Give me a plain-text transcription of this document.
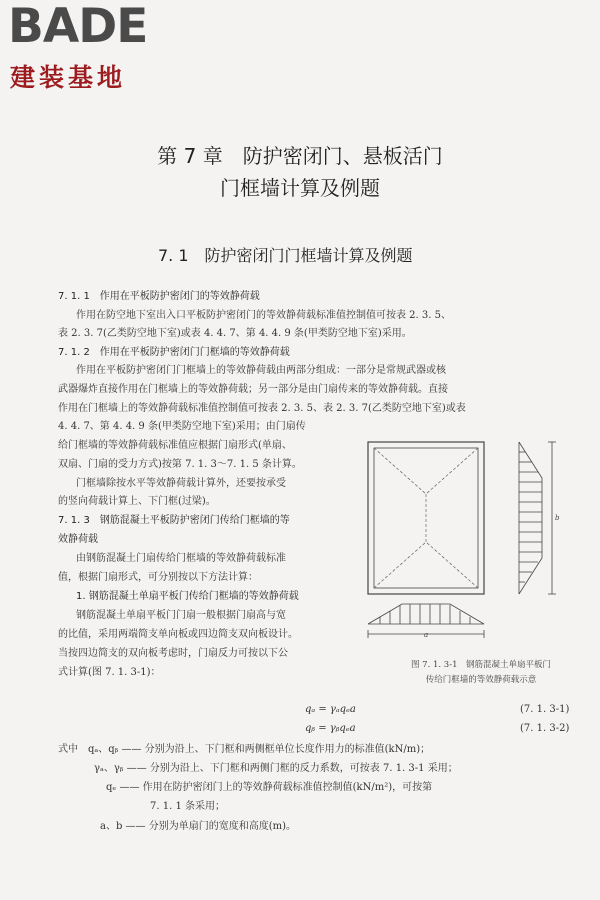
BADE
建装基地
第 7 章　防护密闭门、悬板活门
门框墙计算及例题
7. 1　防护密闭门门框墙计算及例题
7. 1. 1　作用在平板防护密闭门的等效静荷载
作用在防空地下室出入口平板防护密闭门的等效静荷载标准值控制值可按表 2. 3. 5、
表 2. 3. 7(乙类防空地下室)或表 4. 4. 7、第 4. 4. 9 条(甲类防空地下室)采用。
7. 1. 2　作用在平板防护密闭门门框墙的等效静荷载
作用在平板防护密闭门门框墙上的等效静荷载由两部分组成：一部分是常规武器或核
武器爆炸直接作用在门框墙上的等效静荷载；另一部分是由门扇传来的等效静荷载。直接
作用在门框墙上的等效静荷载标准值控制值可按表 2. 3. 5、表 2. 3. 7(乙类防空地下室)或表
4. 4. 7、第 4. 4. 9 条(甲类防空地下室)采用；由门扇传
给门框墙的等效静荷载标准值应根据门扇形式(单扇、
双扇、门扇的受力方式)按第 7. 1. 3～7. 1. 5 条计算。
门框墙除按水平等效静荷载计算外，还要按承受
的竖向荷载计算上、下门框(过梁)。
7. 1. 3　钢筋混凝土平板防护密闭门传给门框墙的等
效静荷载
由钢筋混凝土门扇传给门框墙的等效静荷载标准
值，根据门扇形式，可分别按以下方法计算：
1. 钢筋混凝土单扇平板门传给门框墙的等效静荷载
钢筋混凝土单扇平板门门扇一般根据门扇高与宽
的比值，采用两端简支单向板或四边简支双向板设计。
当按四边简支的双向板考虑时，门扇反力可按以下公
式计算(图 7. 1. 3-1)：
b
a
图 7. 1. 3-1　钢筋混凝土单扇平板门
传给门框墙的等效静荷载示意
qₐ = γₐqₑa	(7. 1. 3-1)
qᵦ = γᵦqₑa	(7. 1. 3-2)
式中　qₐ、qᵦ —— 分别为沿上、下门框和两侧框单位长度作用力的标准值(kN/m)；
γₐ、γᵦ —— 分别为沿上、下门框和两侧门框的反力系数，可按表 7. 1. 3-1 采用；
qₑ —— 作用在防护密闭门上的等效静荷载标准值控制值(kN/m²)，可按第
7. 1. 1 条采用；
a、b —— 分别为单扇门的宽度和高度(m)。
